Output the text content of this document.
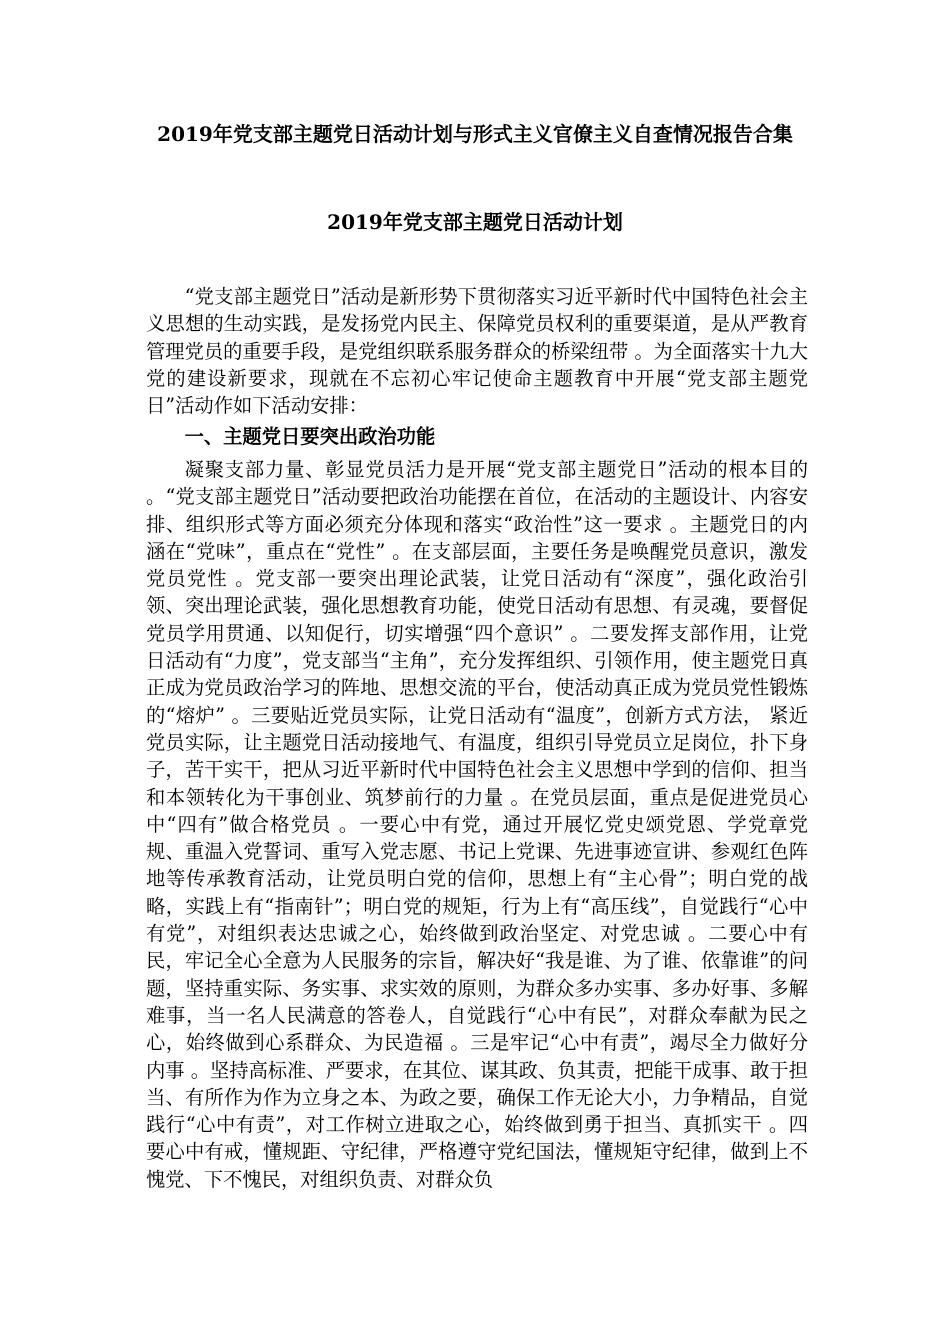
2019年党支部主题党日活动计划与形式主义官僚主义自查情况报告合集
2019年党支部主题党日活动计划

“党支部主题党日”活动是新形势下贯彻落实习近平新时代中国特色社会主义思想的生动实践，是发扬党内民主、保障党员权利的重要渠道，是从严教育管理党员的重要手段，是党组织联系服务群众的桥梁纽带 。为全面落实十九大党的建设新要求，现就在不忘初心牢记使命主题教育中开展“党支部主题党日”活动作如下活动安排：

一、主题党日要突出政治功能

凝聚支部力量、彰显党员活力是开展“党支部主题党日”活动的根本目的 。“党支部主题党日”活动要把政治功能摆在首位，在活动的主题设计、内容安排、组织形式等方面必须充分体现和落实“政治性”这一要求 。主题党日的内涵在“党味”，重点在“党性” 。在支部层面，主要任务是唤醒党员意识，激发党员党性 。党支部一要突出理论武装，让党日活动有“深度”，强化政治引领、突出理论武装，强化思想教育功能，使党日活动有思想、有灵魂，要督促党员学用贯通、以知促行，切实增强“四个意识” 。二要发挥支部作用，让党日活动有“力度”，党支部当“主角”，充分发挥组织、引领作用，使主题党日真正成为党员政治学习的阵地、思想交流的平台，使活动真正成为党员党性锻炼的“熔炉” 。三要贴近党员实际，让党日活动有“温度”，创新方式方法， 紧近党员实际，让主题党日活动接地气、有温度，组织引导党员立足岗位，扑下身子，苦干实干，把从习近平新时代中国特色社会主义思想中学到的信仰、担当和本领转化为干事创业、筑梦前行的力量 。在党员层面，重点是促进党员心中“四有”做合格党员 。一要心中有党，通过开展忆党史颂党恩、学党章党规、重温入党誓词、重写入党志愿、书记上党课、先进事迹宣讲、参观红色阵地等传承教育活动，让党员明白党的信仰，思想上有“主心骨”；明白党的战略，实践上有“指南针”；明白党的规矩，行为上有“高压线”，自觉践行“心中有党”，对组织表达忠诚之心，始终做到政治坚定、对党忠诚 。二要心中有民，牢记全心全意为人民服务的宗旨，解决好“我是谁、为了谁、依靠谁”的问题，坚持重实际、务实事、求实效的原则，为群众多办实事、多办好事、多解难事，当一名人民满意的答卷人，自觉践行“心中有民”，对群众奉献为民之心，始终做到心系群众、为民造福 。三是牢记“心中有责”，竭尽全力做好分内事 。坚持高标准、严要求，在其位、谋其政、负其责，把能干成事、敢于担当、有所作为作为立身之本、为政之要，确保工作无论大小，力争精品，自觉践行“心中有责”，对工作树立进取之心，始终做到勇于担当、真抓实干 。四要心中有戒，懂规距、守纪律，严格遵守党纪国法，懂规矩守纪律，做到上不愧党、下不愧民，对组织负责、对群众负
